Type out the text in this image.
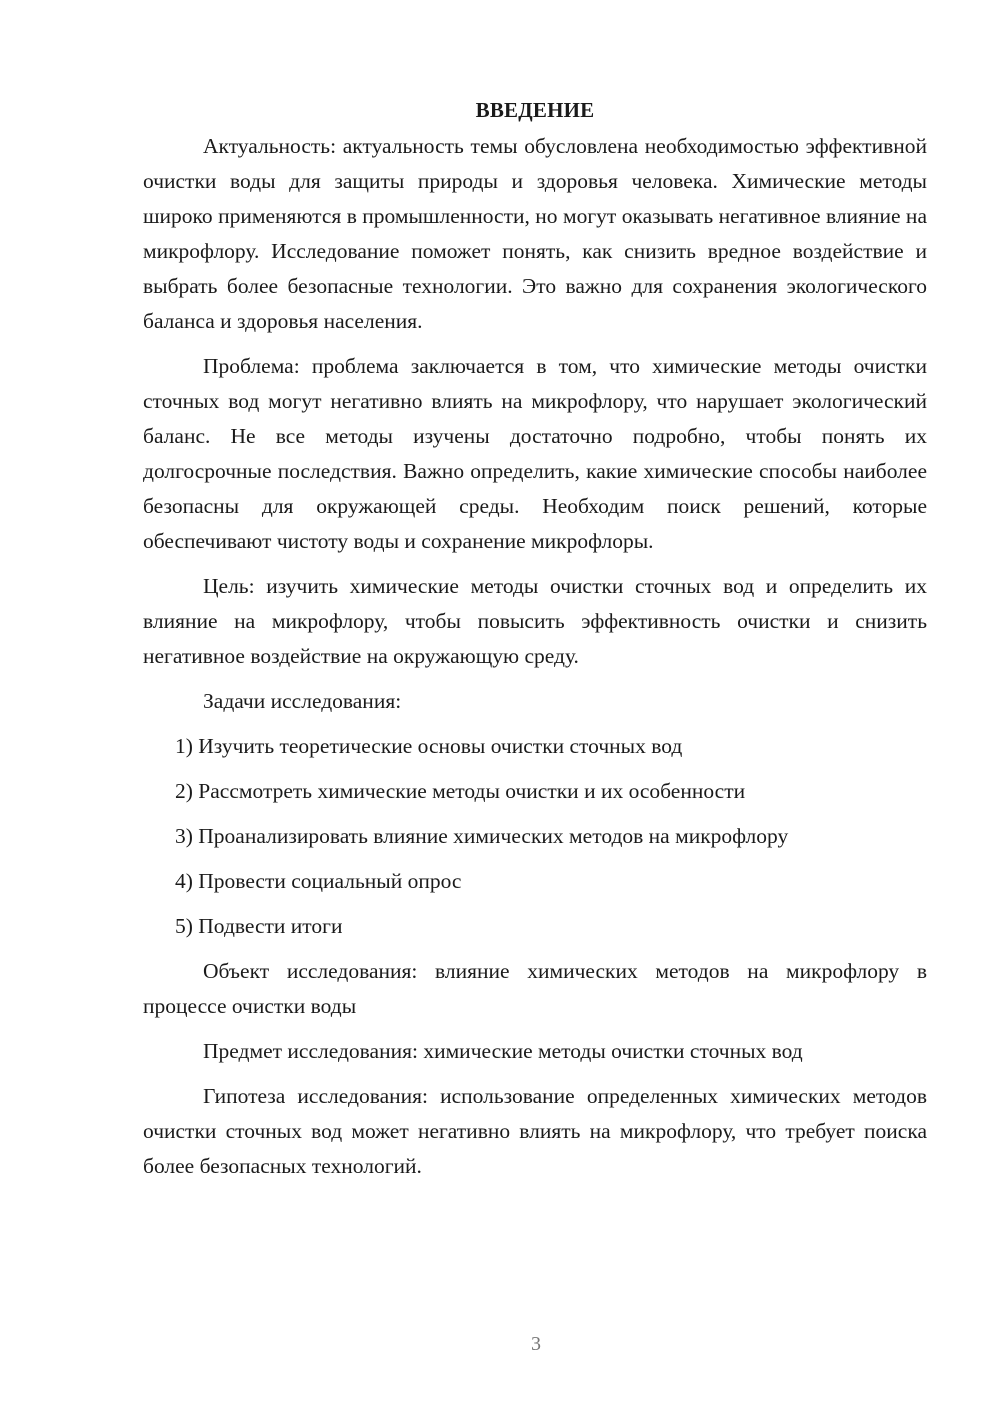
ВВЕДЕНИЕ

Актуальность: актуальность темы обусловлена необходимостью эффективной очистки воды для защиты природы и здоровья человека. Химические методы широко применяются в промышленности, но могут оказывать негативное влияние на микрофлору. Исследование поможет понять, как снизить вредное воздействие и выбрать более безопасные технологии. Это важно для сохранения экологического баланса и здоровья населения.

Проблема: проблема заключается в том, что химические методы очистки сточных вод могут негативно влиять на микрофлору, что нарушает экологический баланс. Не все методы изучены достаточно подробно, чтобы понять их долгосрочные последствия. Важно определить, какие химические способы наиболее безопасны для окружающей среды. Необходим поиск решений, которые обеспечивают чистоту воды и сохранение микрофлоры.

Цель: изучить химические методы очистки сточных вод и определить их влияние на микрофлору, чтобы повысить эффективность очистки и снизить негативное воздействие на окружающую среду.

Задачи исследования:

1) Изучить теоретические основы очистки сточных вод
2) Рассмотреть химические методы очистки и их особенности
3) Проанализировать влияние химических методов на микрофлору
4) Провести социальный опрос
5) Подвести итоги

Объект исследования: влияние химических методов на микрофлору в процессе очистки воды

Предмет исследования: химические методы очистки сточных вод

Гипотеза исследования: использование определенных химических методов очистки сточных вод может негативно влиять на микрофлору, что требует поиска более безопасных технологий.

3
